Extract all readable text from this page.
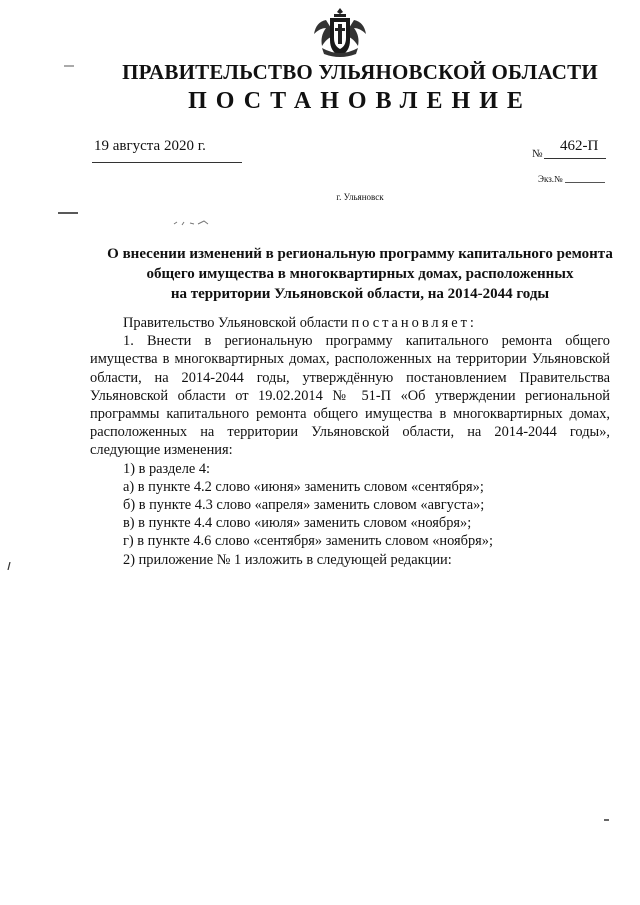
ПРАВИТЕЛЬСТВО УЛЬЯНОВСКОЙ ОБЛАСТИ
ПОСТАНОВЛЕНИЕ
19 августа 2020 г.	№ 462-П
Экз.№
г. Ульяновск
О внесении изменений в региональную программу капитального ремонта
общего имущества в многоквартирных домах, расположенных
на территории Ульяновской области, на 2014-2044 годы

Правительство Ульяновской области постановляет:

1. Внести в региональную программу капитального ремонта общего имущества в многоквартирных домах, расположенных на территории Ульяновской области, на 2014-2044 годы, утверждённую постановлением Правительства Ульяновской области от 19.02.2014 № 51-П «Об утверждении региональной программы капитального ремонта общего имущества в многоквартирных домах, расположенных на территории Ульяновской области, на 2014-2044 годы», следующие изменения:

1) в разделе 4:
а) в пункте 4.2 слово «июня» заменить словом «сентября»;
б) в пункте 4.3 слово «апреля» заменить словом «августа»;
в) в пункте 4.4 слово «июля» заменить словом «ноября»;
г) в пункте 4.6 слово «сентября» заменить словом «ноября»;
2) приложение № 1 изложить в следующей редакции:
